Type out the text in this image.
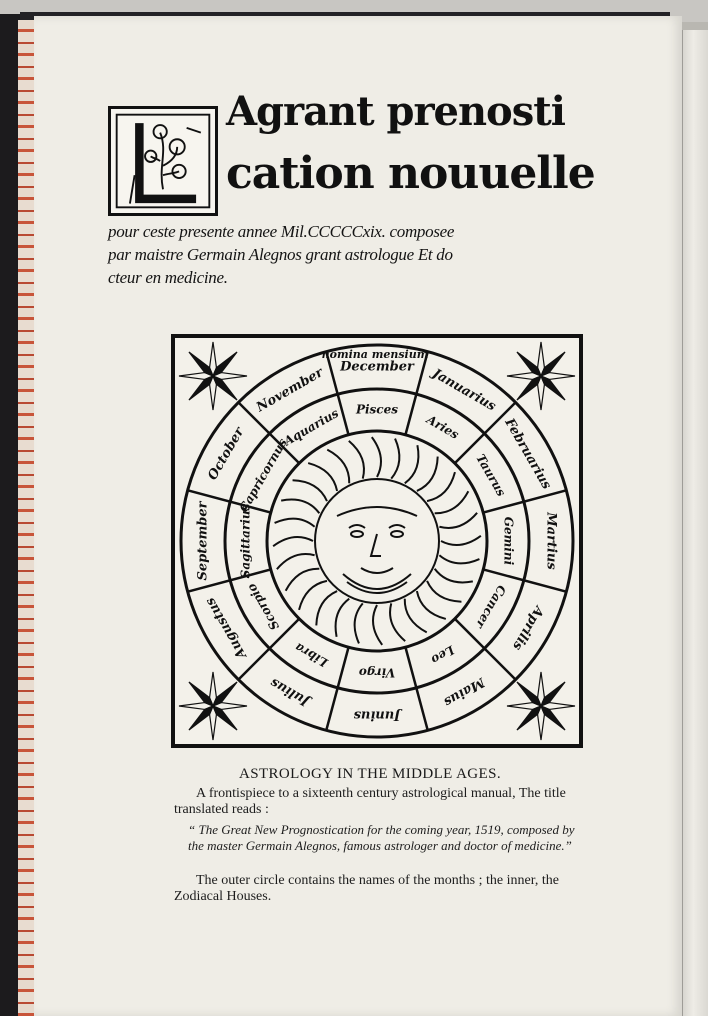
Agrant prenosti
cation nouuelle
pour ceste presente annee Mil.CCCCCxix. composee
par maistre Germain Alegnos grant astrologue Et do
cteur en medicine.
Januarius
Februarius
Martius
Aprilis
Maius
Junius
Julius
Augustus
September
October
November December
Aries
Taurus
Gemini
Cancer
Leo
Virgo
Libra
Scorpio
Sagittarius
Capricornus
Aquarius Pisces
nomina mensium
ASTROLOGY IN THE MIDDLE AGES.
A frontispiece to a sixteenth century astrological manual, The title translated reads :
“ The Great New Prognostication for the coming year, 1519, composed by the master Germain Alegnos, famous astrologer and doctor of medicine.”
The outer circle contains the names of the months ; the inner, the Zodiacal Houses.
